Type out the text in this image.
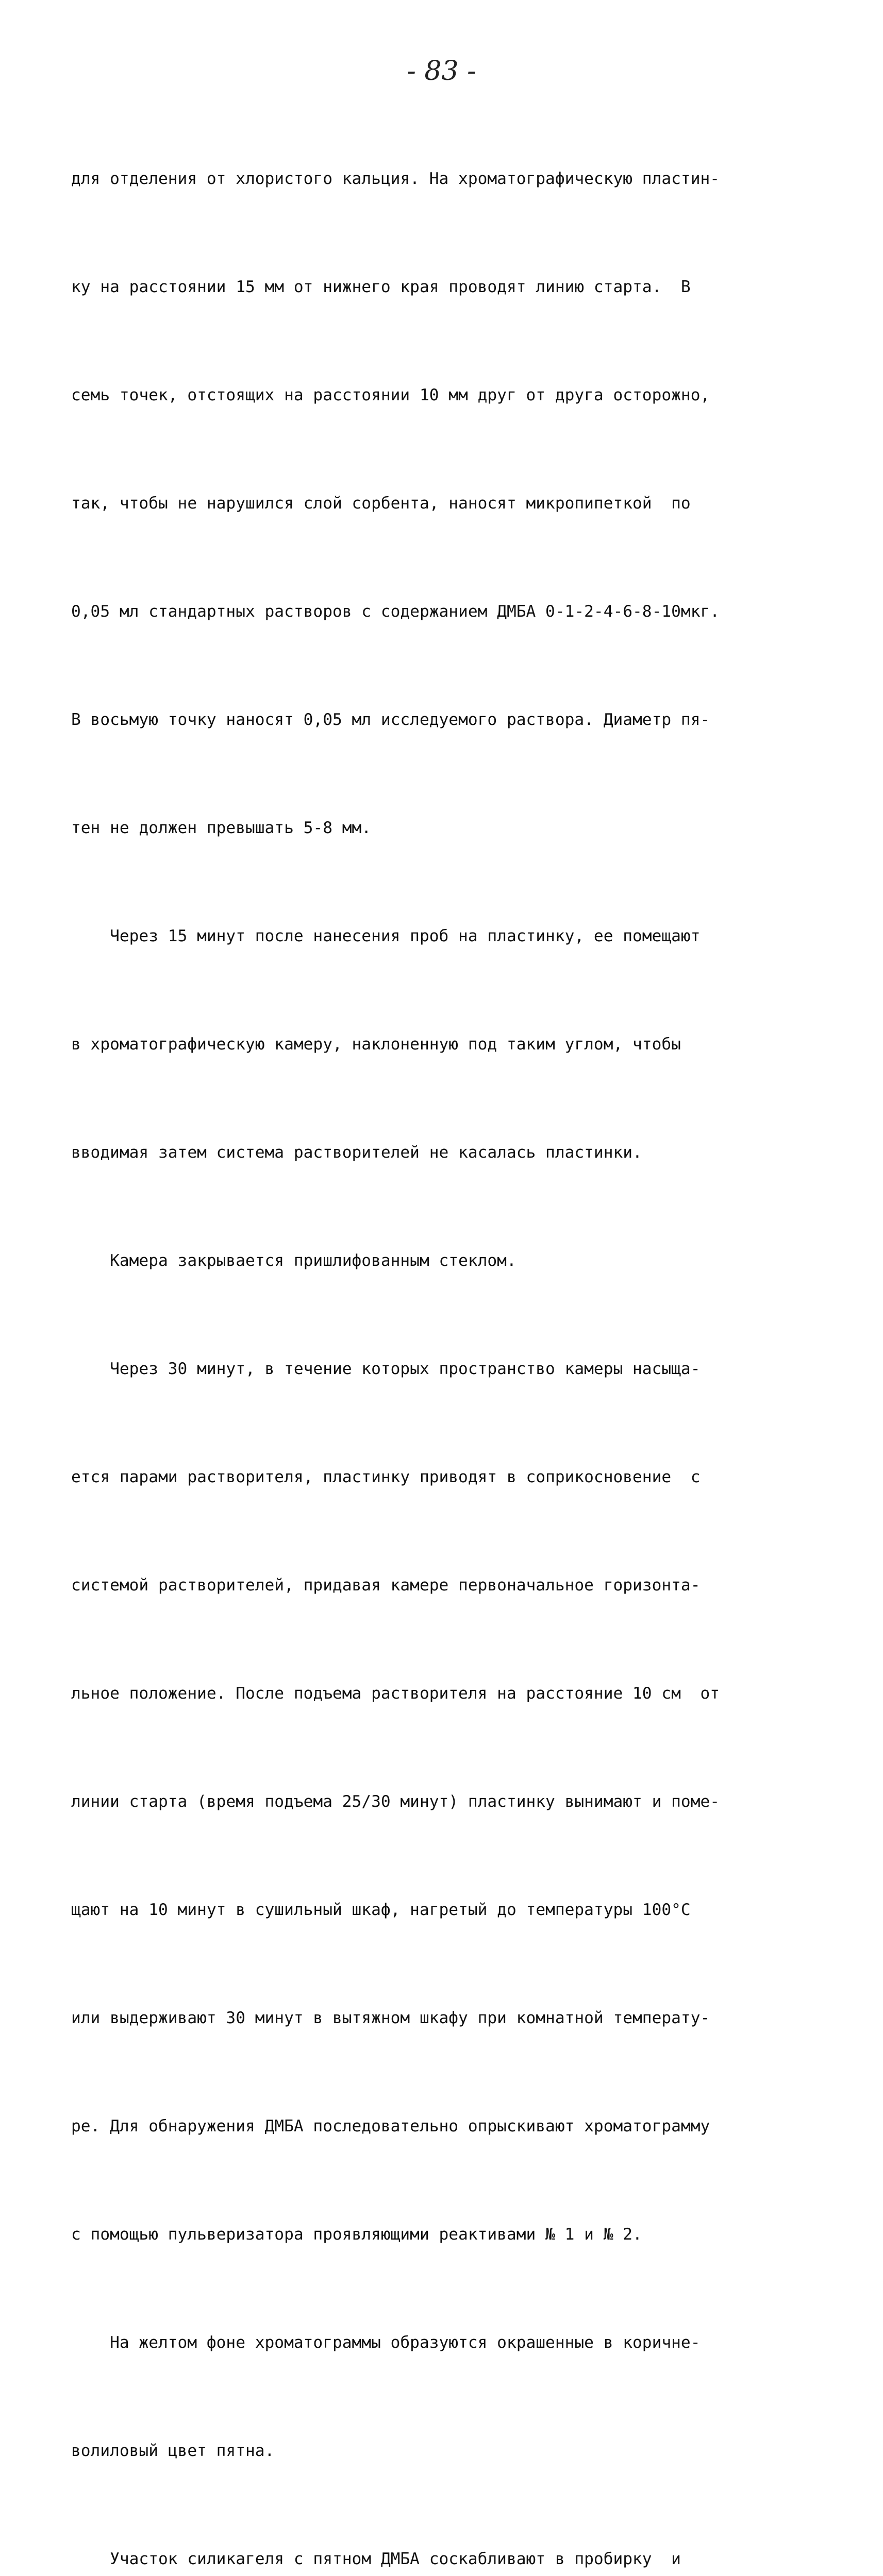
- 83 -

для отделения от хлористого кальция. На хроматографическую пластин-

ку на расстоянии 15 мм от нижнего края проводят линию старта.  В

семь точек, отстоящих на расстоянии 10 мм друг от друга осторожно,

так, чтобы не нарушился слой сорбента, наносят микропипеткой  по

0,05 мл стандартных растворов с содержанием ДМБА 0-1-2-4-6-8-10мкг.

В восьмую точку наносят 0,05 мл исследуемого раствора. Диаметр пя-

тен не должен превышать 5-8 мм.

Через 15 минут после нанесения проб на пластинку, ее помещают

в хроматографическую камеру, наклоненную под таким углом, чтобы

вводимая затем система растворителей не касалась пластинки.

Камера закрывается пришлифованным стеклом.

Через 30 минут, в течение которых пространство камеры насыща-

ется парами растворителя, пластинку приводят в соприкосновение  с

системой растворителей, придавая камере первоначальное горизонта-

льное положение. После подъема растворителя на расстояние 10 см  от

линии старта (время подъема 25/30 минут) пластинку вынимают и поме-

щают на 10 минут в сушильный шкаф, нагретый до температуры 100°С

или выдерживают 30 минут в вытяжном шкафу при комнатной температу-

ре. Для обнаружения ДМБА последовательно опрыскивают хроматограмму

с помощью пульверизатора проявляющими реактивами № 1 и № 2.

На желтом фоне хроматограммы образуются окрашенные в коричне-

волиловый цвет пятна.

Участок силикагеля с пятном ДМБА соскабливают в пробирку  и
